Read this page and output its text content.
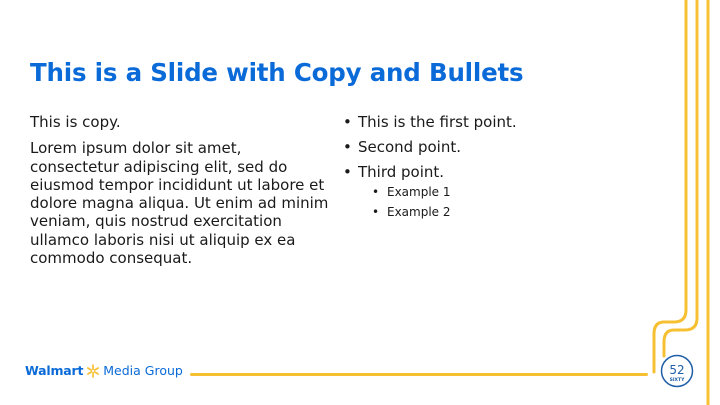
This is a Slide with Copy and Bullets

This is copy.

Lorem ipsum dolor sit amet, consectetur adipiscing elit, sed do eiusmod tempor incididunt ut labore et dolore magna aliqua. Ut enim ad minim veniam, quis nostrud exercitation ullamco laboris nisi ut aliquip ex ea commodo consequat.

• This is the first point.
• Second point.
• Third point.
• Example 1
• Example 2
Walmart Media Group	52
SIXTY
